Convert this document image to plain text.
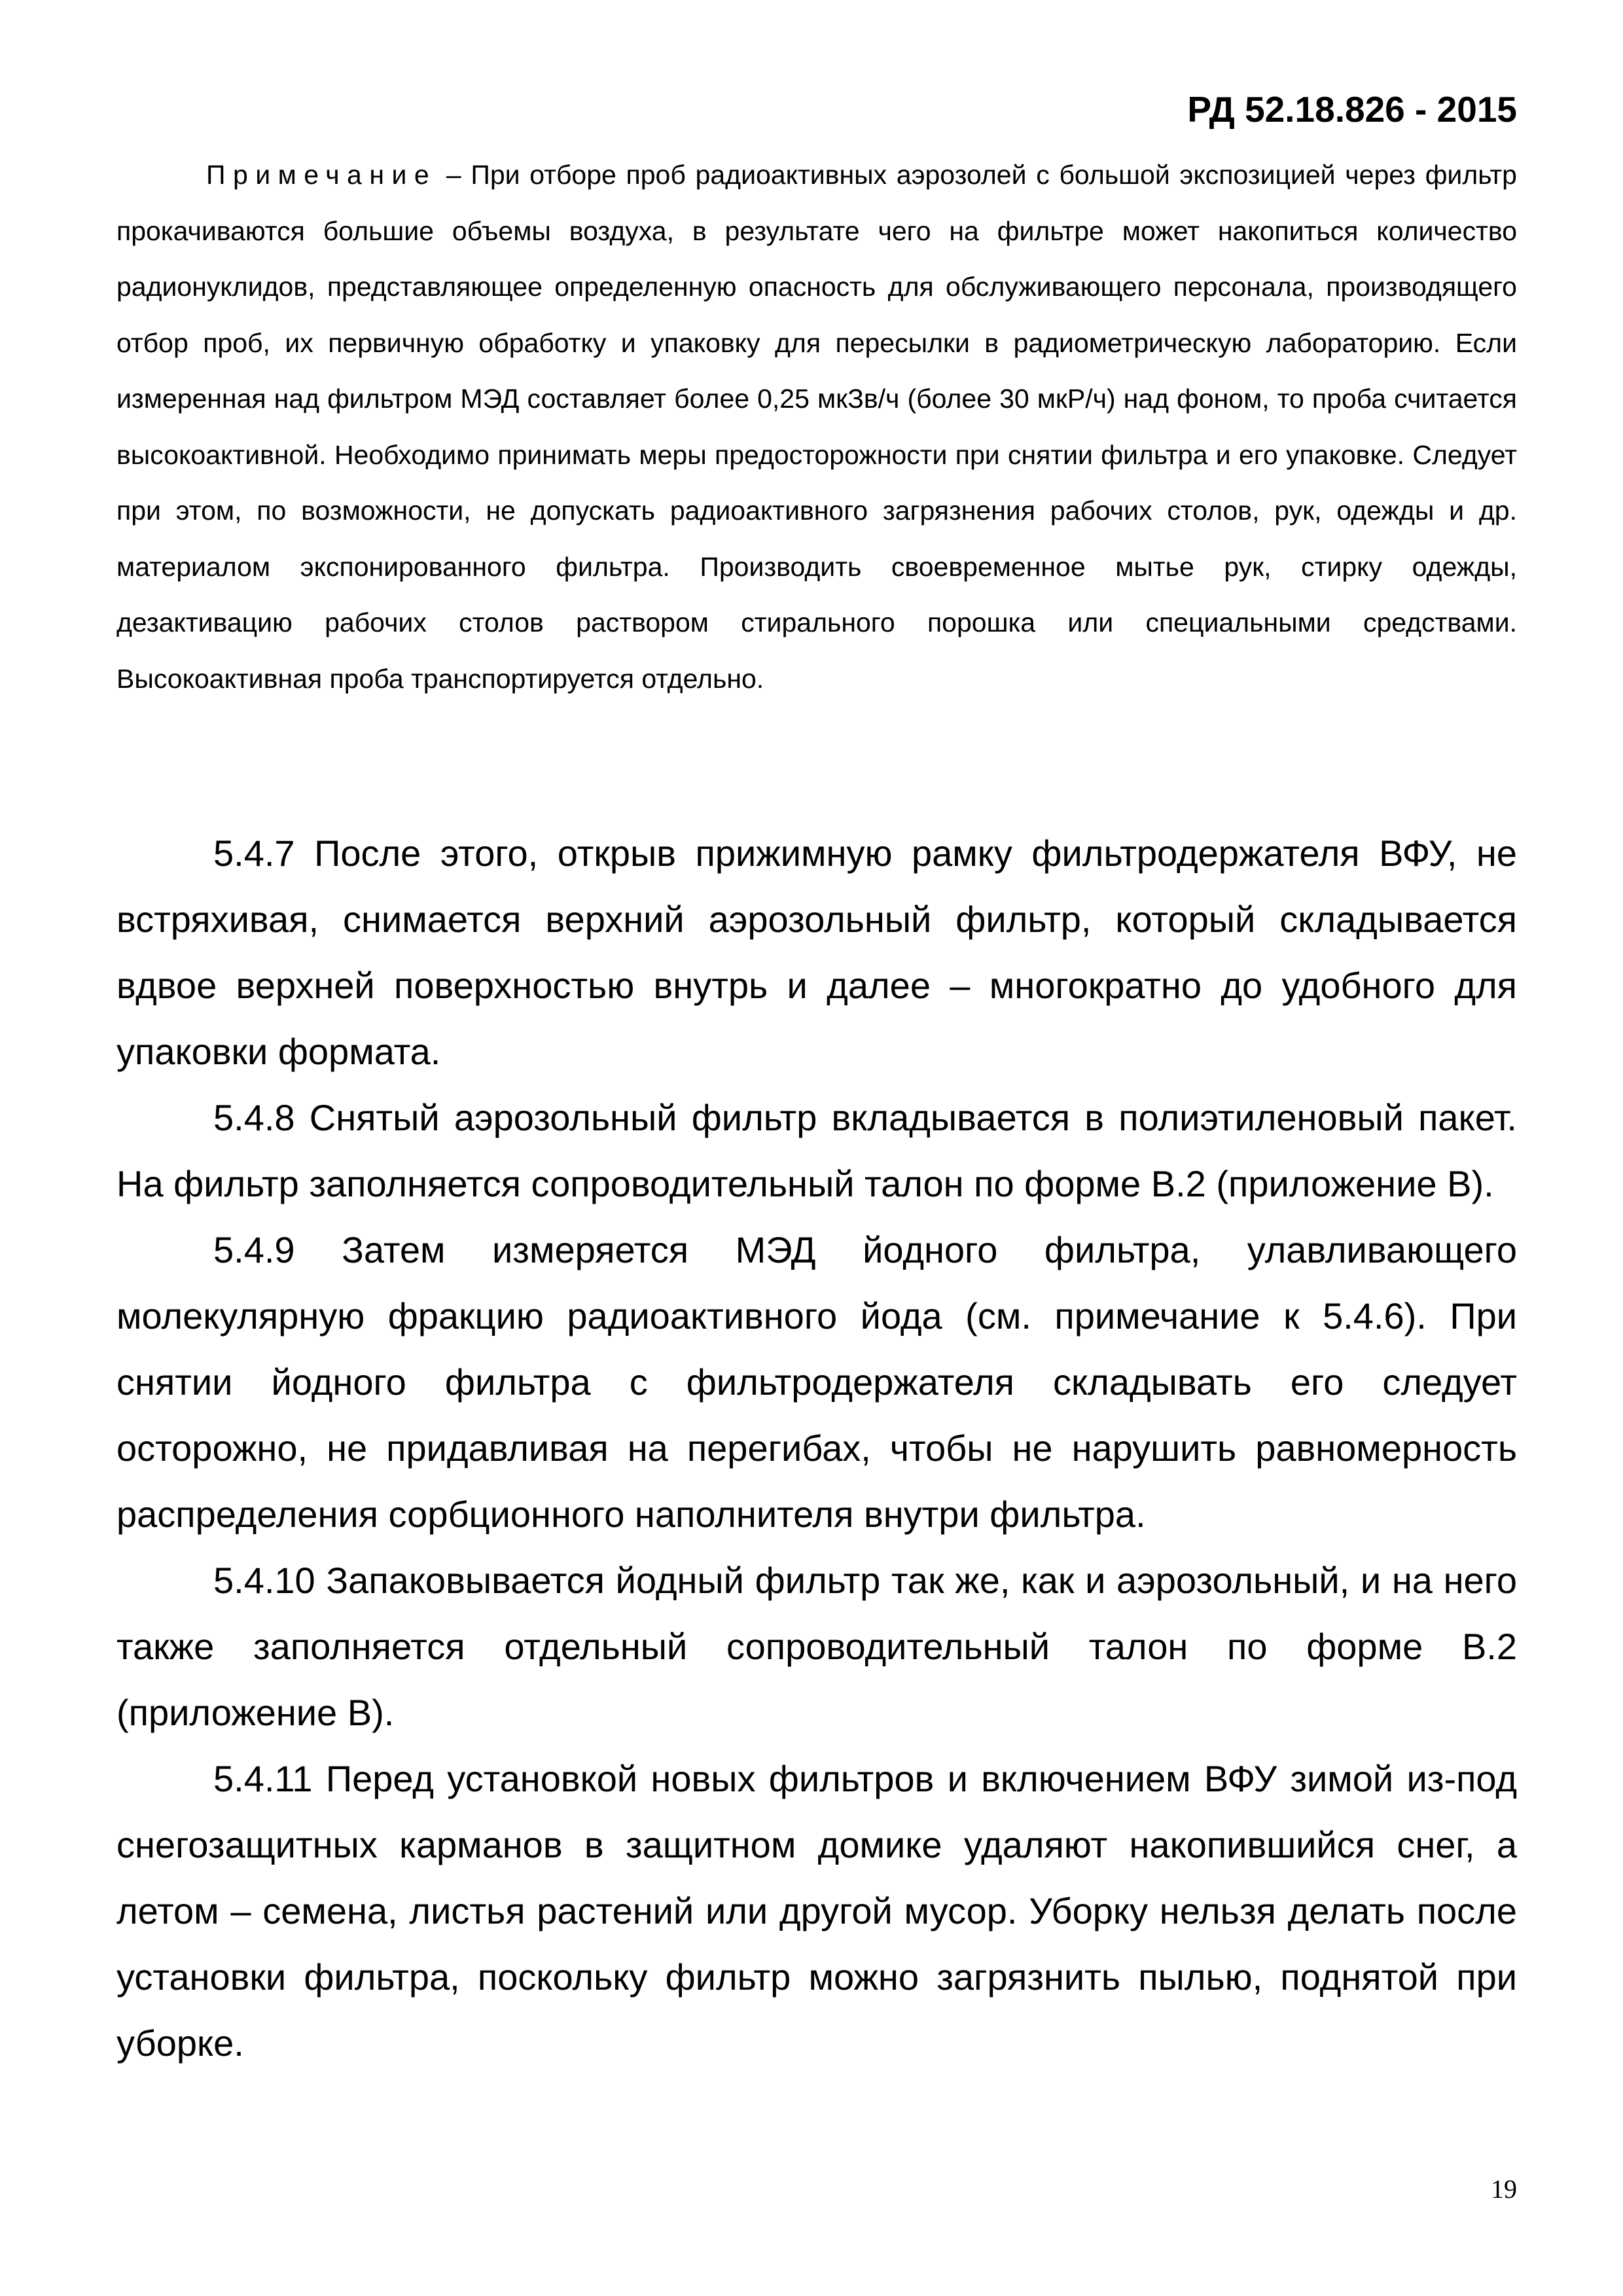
РД 52.18.826 - 2015
Примечание – При отборе проб радиоактивных аэрозолей с большой экспозицией через фильтр прокачиваются большие объемы воздуха, в результате чего на фильтре может накопиться количество радионуклидов, представляющее определенную опасность для обслуживающего персонала, производящего отбор проб, их первичную обработку и упаковку для пересылки в радиометрическую лабораторию. Если измеренная над фильтром МЭД составляет более 0,25 мкЗв/ч (более 30 мкР/ч) над фоном, то проба считается высокоактивной. Необходимо принимать меры предосторожности при снятии фильтра и его упаковке. Следует при этом, по возможности, не допускать радиоактивного загрязнения рабочих столов, рук, одежды и др. материалом экспонированного фильтра. Производить своевременное мытье рук, стирку одежды, дезактивацию рабочих столов раствором стирального порошка или специальными средствами. Высокоактивная проба транспортируется отдельно.

5.4.7 После этого, открыв прижимную рамку фильтродержателя ВФУ, не встряхивая, снимается верхний аэрозольный фильтр, который складывается вдвое верхней поверхностью внутрь и далее – многократно до удобного для упаковки формата.

5.4.8 Снятый аэрозольный фильтр вкладывается в полиэтиленовый пакет. На фильтр заполняется сопроводительный талон по форме В.2 (приложение В).

5.4.9 Затем измеряется МЭД йодного фильтра, улавливающего молекулярную фракцию радиоактивного йода (см. примечание к 5.4.6). При снятии йодного фильтра с фильтродержателя складывать его следует осторожно, не придавливая на перегибах, чтобы не нарушить равномерность распределения сорбционного наполнителя внутри фильтра.

5.4.10 Запаковывается йодный фильтр так же, как и аэрозольный, и на него также заполняется отдельный сопроводительный талон по форме В.2 (приложение В).

5.4.11 Перед установкой новых фильтров и включением ВФУ зимой из-под снегозащитных карманов в защитном домике удаляют накопившийся снег, а летом – семена, листья растений или другой мусор. Уборку нельзя делать после установки фильтра, поскольку фильтр можно загрязнить пылью, поднятой при уборке.

19
